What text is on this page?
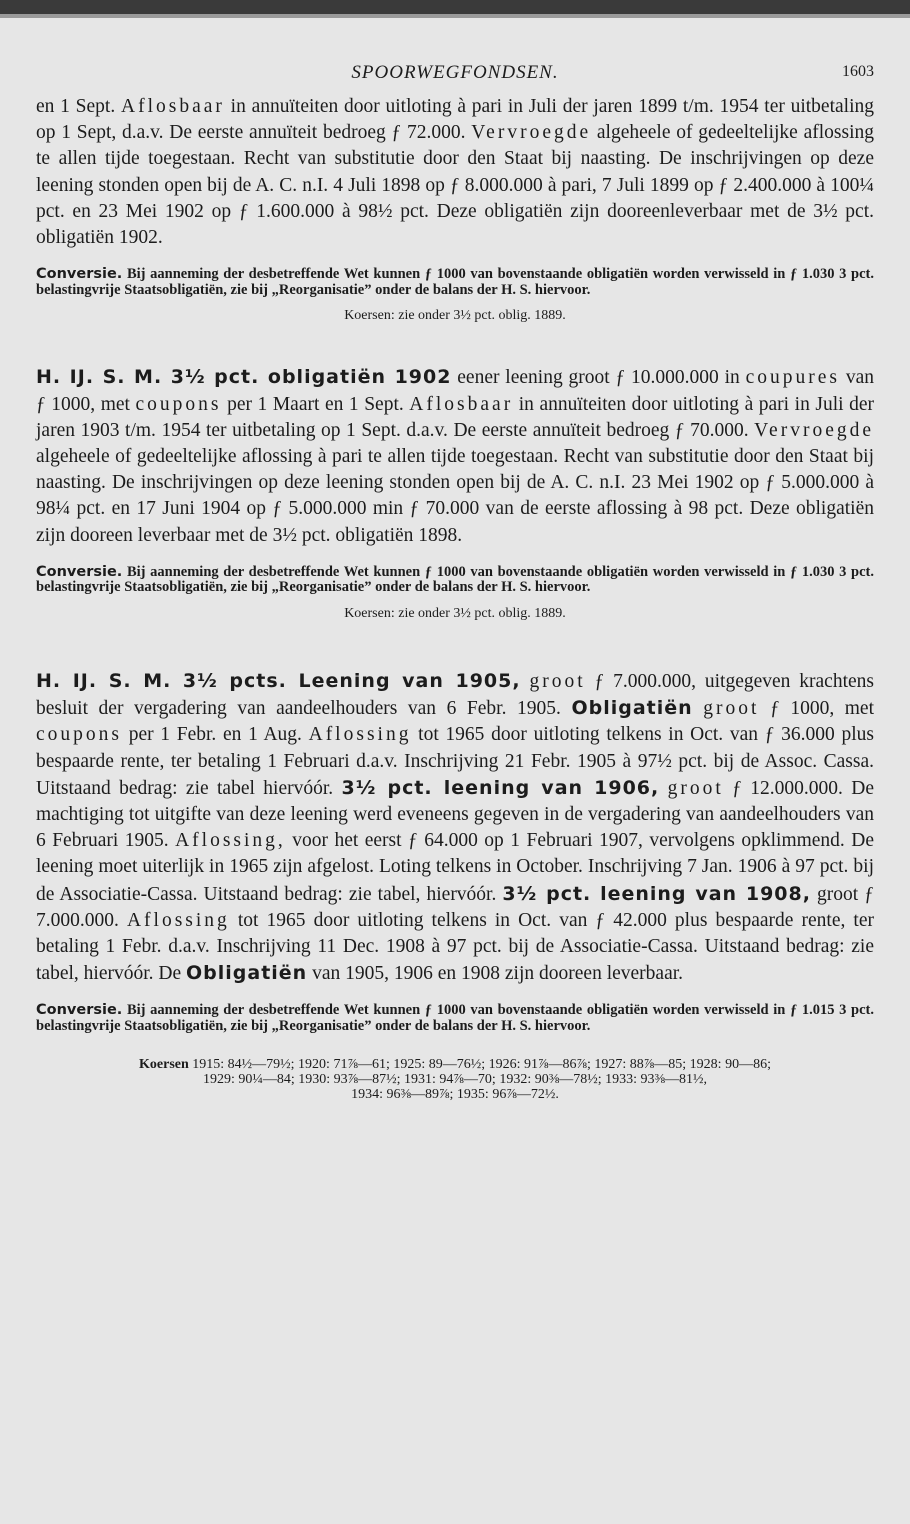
SPOORWEGFONDSEN.	1603

en 1 Sept. Aflosbaar in annuïteiten door uitloting à pari in Juli der jaren 1899 t/m. 1954 ter uitbetaling op 1 Sept, d.a.v. De eerste annuïteit bedroeg ƒ 72.000. Vervroegde algeheele of gedeeltelijke aflossing te allen tijde toegestaan. Recht van substitutie door den Staat bij naasting. De inschrijvingen op deze leening stonden open bij de A. C. n.I. 4 Juli 1898 op ƒ 8.000.000 à pari, 7 Juli 1899 op ƒ 2.400.000 à 100¼ pct. en 23 Mei 1902 op ƒ 1.600.000 à 98½ pct. Deze obligatiën zijn dooreenleverbaar met de 3½ pct. obligatiën 1902.

Conversie. Bij aanneming der desbetreffende Wet kunnen ƒ 1000 van bovenstaande obligatiën worden verwisseld in ƒ 1.030 3 pct. belastingvrije Staatsobligatiën, zie bij „Reorganisatie” onder de balans der H. S. hiervoor.

Koersen: zie onder 3½ pct. oblig. 1889.

H. IJ. S. M. 3½ pct. obligatiën 1902 eener leening groot ƒ 10.000.000 in coupures van ƒ 1000, met coupons per 1 Maart en 1 Sept. Aflosbaar in annuïteiten door uitloting à pari in Juli der jaren 1903 t/m. 1954 ter uitbetaling op 1 Sept. d.a.v. De eerste annuïteit bedroeg ƒ 70.000. Vervroegde algeheele of gedeeltelijke aflossing à pari te allen tijde toegestaan. Recht van substitutie door den Staat bij naasting. De inschrijvingen op deze leening stonden open bij de A. C. n.I. 23 Mei 1902 op ƒ 5.000.000 à 98¼ pct. en 17 Juni 1904 op ƒ 5.000.000 min ƒ 70.000 van de eerste aflossing à 98 pct. Deze obligatiën zijn dooreen leverbaar met de 3½ pct. obligatiën 1898.

Conversie. Bij aanneming der desbetreffende Wet kunnen ƒ 1000 van bovenstaande obligatiën worden verwisseld in ƒ 1.030 3 pct. belastingvrije Staatsobligatiën, zie bij „Reorganisatie” onder de balans der H. S. hiervoor.

Koersen: zie onder 3½ pct. oblig. 1889.

H. IJ. S. M. 3½ pcts. Leening van 1905, groot ƒ 7.000.000, uitgegeven krachtens besluit der vergadering van aandeelhouders van 6 Febr. 1905. Obligatiën groot ƒ 1000, met coupons per 1 Febr. en 1 Aug. Aflossing tot 1965 door uitloting telkens in Oct. van ƒ 36.000 plus bespaarde rente, ter betaling 1 Februari d.a.v. Inschrijving 21 Febr. 1905 à 97½ pct. bij de Assoc. Cassa. Uitstaand bedrag: zie tabel hiervóór. 3½ pct. leening van 1906, groot ƒ 12.000.000. De machtiging tot uitgifte van deze leening werd eveneens gegeven in de vergadering van aandeelhouders van 6 Februari 1905. Aflossing, voor het eerst ƒ 64.000 op 1 Februari 1907, vervolgens opklimmend. De leening moet uiterlijk in 1965 zijn afgelost. Loting telkens in October. Inschrijving 7 Jan. 1906 à 97 pct. bij de Associatie-Cassa. Uitstaand bedrag: zie tabel, hiervóór. 3½ pct. leening van 1908, groot ƒ 7.000.000. Aflossing tot 1965 door uitloting telkens in Oct. van ƒ 42.000 plus bespaarde rente, ter betaling 1 Febr. d.a.v. Inschrijving 11 Dec. 1908 à 97 pct. bij de Associatie-Cassa. Uitstaand bedrag: zie tabel, hiervóór. De Obligatiën van 1905, 1906 en 1908 zijn dooreen leverbaar.

Conversie. Bij aanneming der desbetreffende Wet kunnen ƒ 1000 van bovenstaande obligatiën worden verwisseld in ƒ 1.015 3 pct. belastingvrije Staatsobligatiën, zie bij „Reorganisatie” onder de balans der H. S. hiervoor.

Koersen 1915: 84½—79½; 1920: 71⅞—61; 1925: 89—76½; 1926: 91⅞—86⅞; 1927: 88⅞—85; 1928: 90—86;
1929: 90¼—84; 1930: 93⅞—87½; 1931: 94⅞—70; 1932: 90⅜—78½; 1933: 93⅜—81½,
1934: 96⅜—89⅞; 1935: 96⅞—72½.
